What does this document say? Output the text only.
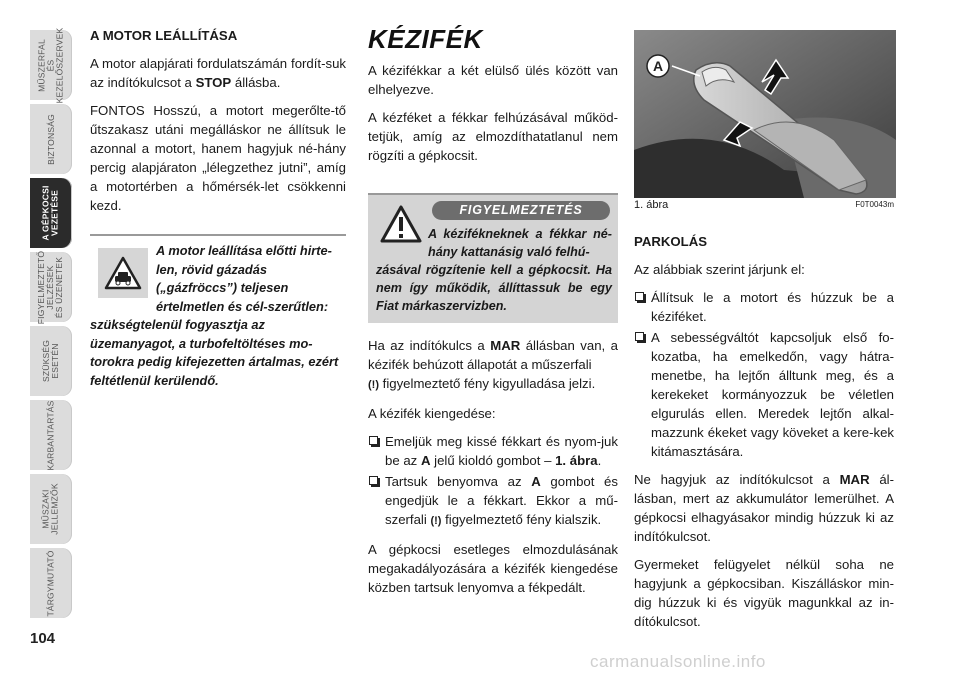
MŰSZERFAL
ÉS
KEZELŐSZERVEK
BIZTONSÁG
A GÉPKOCSI
VEZETÉSE
FIGYELMEZTETŐ
JELZÉSEK
ÉS ÜZENETEK
SZÜKSÉG
ESETÉN
KARBANTARTÁS
MŰSZAKI
JELLEMZŐK
TÁRGYMUTATÓ
104
A MOTOR LEÁLLÍTÁSA

A motor alapjárati fordulatszámán fordít-suk az indítókulcsot a STOP állásba.

FONTOS Hosszú, a motort megerőlte-tő űtszakasz utáni megálláskor ne állítsuk le azonnal a motort, hanem hagyjuk né-hány percig alapjáraton „lélegzethez jutni”, amíg a motortérben a hőmérsék-let csökkenni kezd.

A motor leállítása előtti hirte-len, rövid gázadás („gázfröccs”) teljesen értelmetlen és cél-szerűtlen: szükségtelenül fogyasztja az üzemanyagot, a turbofeltöltéses mo-torokra pedig kifejezetten ártalmas, ezért feltétlenül kerülendő.
KÉZIFÉK

A kézifékkar a két elülső ülés között van elhelyezve.

A kézféket a fékkar felhúzásával működ-tetjük, amíg az elmozdíthatatlanul nem rögzíti a gépkocsit.

FIGYELMEZTETÉS
A kézifékneknek a fékkar né-hány kattanásig való felhú-
zásával rögzítenie kell a gépkocsit. Ha nem így működik, állíttassuk be egy Fiat márkaszervizben.

Ha az indítókulcs a MAR állásban van, a kézifék behúzott állapotát a műszerfali
(!) figyelmeztető fény kigyulladása jelzi.

A kézifék kiengedése:

Emeljük meg kissé fékkart és nyom-juk be az A jelű kioldó gombot – 1. ábra.
Tartsuk benyomva az A gombot és engedjük le a fékkart. Ekkor a mű-szerfali (!) figyelmeztető fény kialszik.

A gépkocsi esetleges elmozdulásának megakadályozására a kézifék kiengedése közben tartsuk lenyomva a fékpedált.

A
1. ábra	F0T0043m
PARKOLÁS

Az alábbiak szerint járjunk el:

Állítsuk le a motort és húzzuk be a kéziféket.
A sebességváltót kapcsoljuk első fo-kozatba, ha emelkedőn, vagy hátra-menetbe, ha lejtőn álltunk meg, és a kerekeket kormányozzuk be véletlen elgurulás ellen. Meredek lejtőn alkal-mazzunk ékeket vagy köveket a kere-kek kitámasztására.

Ne hagyjuk az indítókulcsot a MAR ál-lásban, mert az akkumulátor lemerülhet. A gépkocsi elhagyásakor mindig húzzuk ki az indítókulcsot.

Gyermeket felügyelet nélkül soha ne hagyjunk a gépkocsiban. Kiszálláskor min-dig húzzuk ki és vigyük magunkkal az in-dítókulcsot.

carmanualsonline.info
